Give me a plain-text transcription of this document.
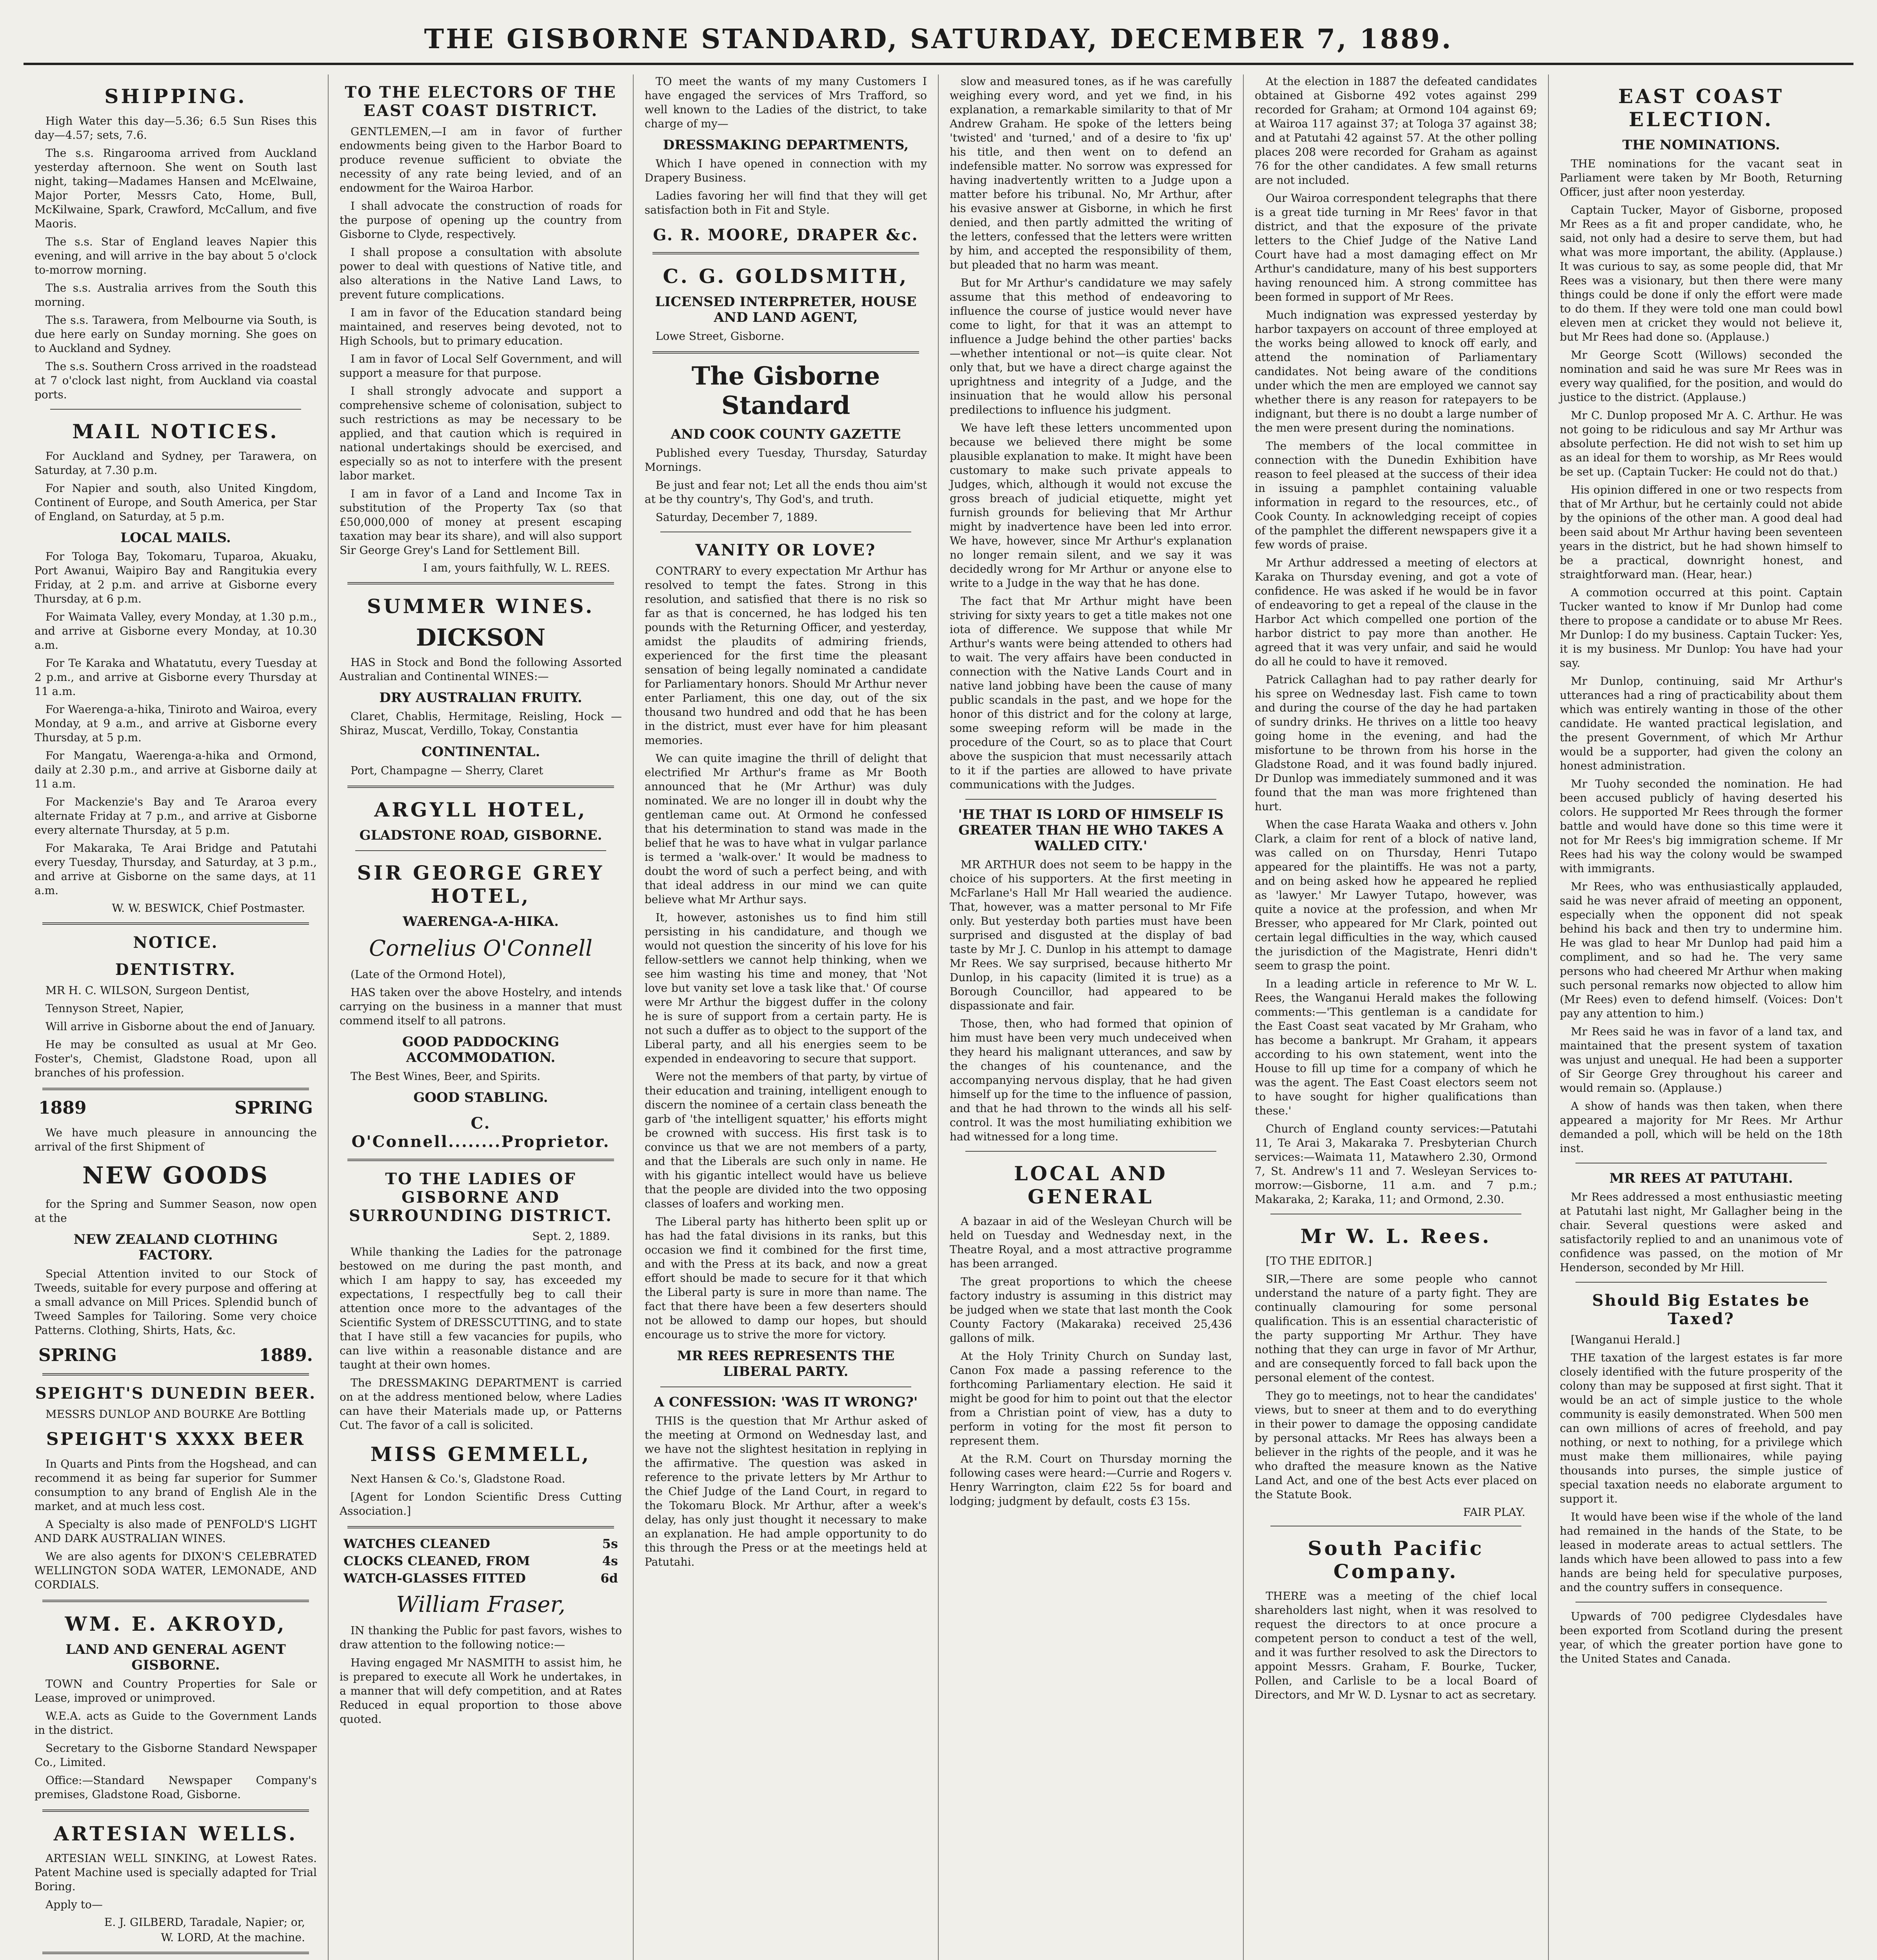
THE GISBORNE STANDARD, SATURDAY, DECEMBER 7, 1889.
SHIPPING.

High Water this day—5.36; 6.5 Sun Rises this day—4.57; sets, 7.6.

The s.s. Ringarooma arrived from Auckland yesterday afternoon. She went on South last night, taking—Madames Hansen and McElwaine, Major Porter, Messrs Cato, Home, Bull, McKilwaine, Spark, Crawford, McCallum, and five Maoris.

The s.s. Star of England leaves Napier this evening, and will arrive in the bay about 5 o'clock to-morrow morning.

The s.s. Australia arrives from the South this morning.

The s.s. Tarawera, from Melbourne via South, is due here early on Sunday morning. She goes on to Auckland and Sydney.

The s.s. Southern Cross arrived in the roadstead at 7 o'clock last night, from Auckland via coastal ports.

MAIL NOTICES.

For Auckland and Sydney, per Tarawera, on Saturday, at 7.30 p.m.

For Napier and south, also United Kingdom, Continent of Europe, and South America, per Star of England, on Saturday, at 5 p.m.

LOCAL MAILS.

For Tologa Bay, Tokomaru, Tuparoa, Akuaku, Port Awanui, Waipiro Bay and Rangitukia every Friday, at 2 p.m. and arrive at Gisborne every Thursday, at 6 p.m.

For Waimata Valley, every Monday, at 1.30 p.m., and arrive at Gisborne every Monday, at 10.30 a.m.

For Te Karaka and Whatatutu, every Tuesday at 2 p.m., and arrive at Gisborne every Thursday at 11 a.m.

For Waerenga-a-hika, Tiniroto and Wairoa, every Monday, at 9 a.m., and arrive at Gisborne every Thursday, at 5 p.m.

For Mangatu, Waerenga-a-hika and Ormond, daily at 2.30 p.m., and arrive at Gisborne daily at 11 a.m.

For Mackenzie's Bay and Te Araroa every alternate Friday at 7 p.m., and arrive at Gisborne every alternate Thursday, at 5 p.m.

For Makaraka, Te Arai Bridge and Patutahi every Tuesday, Thursday, and Saturday, at 3 p.m., and arrive at Gisborne on the same days, at 11 a.m.

W. W. BESWICK, Chief Postmaster.
NOTICE.
DENTISTRY.

MR H. C. WILSON, Surgeon Dentist,

Tennyson Street, Napier,

Will arrive in Gisborne about the end of January.

He may be consulted as usual at Mr Geo. Foster's, Chemist, Gladstone Road, upon all branches of his profession.

1889	SPRING

We have much pleasure in announcing the arrival of the first Shipment of

NEW GOODS

for the Spring and Summer Season, now open at the

NEW ZEALAND CLOTHING FACTORY.

Special Attention invited to our Stock of Tweeds, suitable for every purpose and offering at a small advance on Mill Prices. Splendid bunch of Tweed Samples for Tailoring. Some very choice Patterns. Clothing, Shirts, Hats, &c.

SPRING	1889.
SPEIGHT'S DUNEDIN BEER.

MESSRS DUNLOP AND BOURKE Are Bottling

SPEIGHT'S XXXX BEER

In Quarts and Pints from the Hogshead, and can recommend it as being far superior for Summer consumption to any brand of English Ale in the market, and at much less cost.

A Specialty is also made of PENFOLD'S LIGHT AND DARK AUSTRALIAN WINES.

We are also agents for DIXON'S CELEBRATED WELLINGTON SODA WATER, LEMONADE, AND CORDIALS.

WM. E. AKROYD,
LAND AND GENERAL AGENT GISBORNE.

TOWN and Country Properties for Sale or Lease, improved or unimproved.

W.E.A. acts as Guide to the Government Lands in the district.

Secretary to the Gisborne Standard Newspaper Co., Limited.

Office:—Standard Newspaper Company's premises, Gladstone Road, Gisborne.

ARTESIAN WELLS.

ARTESIAN WELL SINKING, at Lowest Rates. Patent Machine used is specially adapted for Trial Boring.

Apply to—

E. J. GILBERD, Taradale, Napier; or,
W. LORD, At the machine.

TO THE ELECTORS OF THE EAST COAST DISTRICT.

GENTLEMEN,—I am in favor of further endowments being given to the Harbor Board to produce revenue sufficient to obviate the necessity of any rate being levied, and of an endowment for the Wairoa Harbor.

I shall advocate the construction of roads for the purpose of opening up the country from Gisborne to Clyde, respectively.

I shall propose a consultation with absolute power to deal with questions of Native title, and also alterations in the Native Land Laws, to prevent future complications.

I am in favor of the Education standard being maintained, and reserves being devoted, not to High Schools, but to primary education.

I am in favor of Local Self Government, and will support a measure for that purpose.

I shall strongly advocate and support a comprehensive scheme of colonisation, subject to such restrictions as may be necessary to be applied, and that caution which is required in national undertakings should be exercised, and especially so as not to interfere with the present labor market.

I am in favor of a Land and Income Tax in substitution of the Property Tax (so that £50,000,000 of money at present escaping taxation may bear its share), and will also support Sir George Grey's Land for Settlement Bill.

I am, yours faithfully, W. L. REES.
SUMMER WINES.
DICKSON

HAS in Stock and Bond the following Assorted Australian and Continental WINES:—

DRY AUSTRALIAN FRUITY.

Claret, Chablis, Hermitage, Reisling, Hock — Shiraz, Muscat, Verdillo, Tokay, Constantia

CONTINENTAL.

Port, Champagne — Sherry, Claret

ARGYLL HOTEL,
GLADSTONE ROAD, GISBORNE.
SIR GEORGE GREY HOTEL,
WAERENGA-A-HIKA.
Cornelius O'Connell

(Late of the Ormond Hotel),

HAS taken over the above Hostelry, and intends carrying on the business in a manner that must commend itself to all patrons.

GOOD PADDOCKING ACCOMMODATION.

The Best Wines, Beer, and Spirits.

GOOD STABLING.
C. O'Connell........Proprietor.
TO THE LADIES OF GISBORNE AND SURROUNDING DISTRICT.
Sept. 2, 1889.

While thanking the Ladies for the patronage bestowed on me during the past month, and which I am happy to say, has exceeded my expectations, I respectfully beg to call their attention once more to the advantages of the Scientific System of DRESSCUTTING, and to state that I have still a few vacancies for pupils, who can live within a reasonable distance and are taught at their own homes.

The DRESSMAKING DEPARTMENT is carried on at the address mentioned below, where Ladies can have their Materials made up, or Patterns Cut. The favor of a call is solicited.

MISS GEMMELL,

Next Hansen & Co.'s, Gladstone Road.

[Agent for London Scientific Dress Cutting Association.]

WATCHES CLEANED	5s
CLOCKS CLEANED, FROM	4s
WATCH-GLASSES FITTED	6d
William Fraser,

IN thanking the Public for past favors, wishes to draw attention to the following notice:—

Having engaged Mr NASMITH to assist him, he is prepared to execute all Work he undertakes, in a manner that will defy competition, and at Rates Reduced in equal proportion to those above quoted.

TO meet the wants of my many Customers I have engaged the services of Mrs Trafford, so well known to the Ladies of the district, to take charge of my—

DRESSMAKING DEPARTMENTS,

Which I have opened in connection with my Drapery Business.

Ladies favoring her will find that they will get satisfaction both in Fit and Style.

G. R. MOORE, DRAPER &c.
C. G. GOLDSMITH,
LICENSED INTERPRETER, HOUSE AND LAND AGENT,

Lowe Street, Gisborne.

The Gisborne Standard
AND COOK COUNTY GAZETTE

Published every Tuesday, Thursday, Saturday Mornings.

Be just and fear not; Let all the ends thou aim'st at be thy country's, Thy God's, and truth.

Saturday, December 7, 1889.

VANITY OR LOVE?

CONTRARY to every expectation Mr Arthur has resolved to tempt the fates. Strong in this resolution, and satisfied that there is no risk so far as that is concerned, he has lodged his ten pounds with the Returning Officer, and yesterday, amidst the plaudits of admiring friends, experienced for the first time the pleasant sensation of being legally nominated a candidate for Parliamentary honors. Should Mr Arthur never enter Parliament, this one day, out of the six thousand two hundred and odd that he has been in the district, must ever have for him pleasant memories.

We can quite imagine the thrill of delight that electrified Mr Arthur's frame as Mr Booth announced that he (Mr Arthur) was duly nominated. We are no longer ill in doubt why the gentleman came out. At Ormond he confessed that his determination to stand was made in the belief that he was to have what in vulgar parlance is termed a 'walk-over.' It would be madness to doubt the word of such a perfect being, and with that ideal address in our mind we can quite believe what Mr Arthur says.

It, however, astonishes us to find him still persisting in his candidature, and though we would not question the sincerity of his love for his fellow-settlers we cannot help thinking, when we see him wasting his time and money, that 'Not love but vanity set love a task like that.' Of course were Mr Arthur the biggest duffer in the colony he is sure of support from a certain party. He is not such a duffer as to object to the support of the Liberal party, and all his energies seem to be expended in endeavoring to secure that support.

Were not the members of that party, by virtue of their education and training, intelligent enough to discern the nominee of a certain class beneath the garb of 'the intelligent squatter,' his efforts might be crowned with success. His first task is to convince us that we are not members of a party, and that the Liberals are such only in name. He with his gigantic intellect would have us believe that the people are divided into the two opposing classes of loafers and working men.

The Liberal party has hitherto been split up or has had the fatal divisions in its ranks, but this occasion we find it combined for the first time, and with the Press at its back, and now a great effort should be made to secure for it that which the Liberal party is sure in more than name. The fact that there have been a few deserters should not be allowed to damp our hopes, but should encourage us to strive the more for victory.

MR REES REPRESENTS THE LIBERAL PARTY.
A CONFESSION: 'WAS IT WRONG?'

THIS is the question that Mr Arthur asked of the meeting at Ormond on Wednesday last, and we have not the slightest hesitation in replying in the affirmative. The question was asked in reference to the private letters by Mr Arthur to the Chief Judge of the Land Court, in regard to the Tokomaru Block. Mr Arthur, after a week's delay, has only just thought it necessary to make an explanation. He had ample opportunity to do this through the Press or at the meetings held at Patutahi.

slow and measured tones, as if he was carefully weighing every word, and yet we find, in his explanation, a remarkable similarity to that of Mr Andrew Graham. He spoke of the letters being 'twisted' and 'turned,' and of a desire to 'fix up' his title, and then went on to defend an indefensible matter. No sorrow was expressed for having inadvertently written to a Judge upon a matter before his tribunal. No, Mr Arthur, after his evasive answer at Gisborne, in which he first denied, and then partly admitted the writing of the letters, confessed that the letters were written by him, and accepted the responsibility of them, but pleaded that no harm was meant.

But for Mr Arthur's candidature we may safely assume that this method of endeavoring to influence the course of justice would never have come to light, for that it was an attempt to influence a Judge behind the other parties' backs—whether intentional or not—is quite clear. Not only that, but we have a direct charge against the uprightness and integrity of a Judge, and the insinuation that he would allow his personal predilections to influence his judgment.

We have left these letters uncommented upon because we believed there might be some plausible explanation to make. It might have been customary to make such private appeals to Judges, which, although it would not excuse the gross breach of judicial etiquette, might yet furnish grounds for believing that Mr Arthur might by inadvertence have been led into error. We have, however, since Mr Arthur's explanation no longer remain silent, and we say it was decidedly wrong for Mr Arthur or anyone else to write to a Judge in the way that he has done.

The fact that Mr Arthur might have been striving for sixty years to get a title makes not one iota of difference. We suppose that while Mr Arthur's wants were being attended to others had to wait. The very affairs have been conducted in connection with the Native Lands Court and in native land jobbing have been the cause of many public scandals in the past, and we hope for the honor of this district and for the colony at large, some sweeping reform will be made in the procedure of the Court, so as to place that Court above the suspicion that must necessarily attach to it if the parties are allowed to have private communications with the Judges.

'HE THAT IS LORD OF HIMSELF IS GREATER THAN HE WHO TAKES A WALLED CITY.'

MR ARTHUR does not seem to be happy in the choice of his supporters. At the first meeting in McFarlane's Hall Mr Hall wearied the audience. That, however, was a matter personal to Mr Fife only. But yesterday both parties must have been surprised and disgusted at the display of bad taste by Mr J. C. Dunlop in his attempt to damage Mr Rees. We say surprised, because hitherto Mr Dunlop, in his capacity (limited it is true) as a Borough Councillor, had appeared to be dispassionate and fair.

Those, then, who had formed that opinion of him must have been very much undeceived when they heard his malignant utterances, and saw by the changes of his countenance, and the accompanying nervous display, that he had given himself up for the time to the influence of passion, and that he had thrown to the winds all his self-control. It was the most humiliating exhibition we had witnessed for a long time.

LOCAL AND GENERAL

A bazaar in aid of the Wesleyan Church will be held on Tuesday and Wednesday next, in the Theatre Royal, and a most attractive programme has been arranged.

The great proportions to which the cheese factory industry is assuming in this district may be judged when we state that last month the Cook County Factory (Makaraka) received 25,436 gallons of milk.

At the Holy Trinity Church on Sunday last, Canon Fox made a passing reference to the forthcoming Parliamentary election. He said it might be good for him to point out that the elector from a Christian point of view, has a duty to perform in voting for the most fit person to represent them.

At the R.M. Court on Thursday morning the following cases were heard:—Currie and Rogers v. Henry Warrington, claim £22 5s for board and lodging; judgment by default, costs £3 15s.

At the election in 1887 the defeated candidates obtained at Gisborne 492 votes against 299 recorded for Graham; at Ormond 104 against 69; at Wairoa 117 against 37; at Tologa 37 against 38; and at Patutahi 42 against 57. At the other polling places 208 were recorded for Graham as against 76 for the other candidates. A few small returns are not included.

Our Wairoa correspondent telegraphs that there is a great tide turning in Mr Rees' favor in that district, and that the exposure of the private letters to the Chief Judge of the Native Land Court have had a most damaging effect on Mr Arthur's candidature, many of his best supporters having renounced him. A strong committee has been formed in support of Mr Rees.

Much indignation was expressed yesterday by harbor taxpayers on account of three employed at the works being allowed to knock off early, and attend the nomination of Parliamentary candidates. Not being aware of the conditions under which the men are employed we cannot say whether there is any reason for ratepayers to be indignant, but there is no doubt a large number of the men were present during the nominations.

The members of the local committee in connection with the Dunedin Exhibition have reason to feel pleased at the success of their idea in issuing a pamphlet containing valuable information in regard to the resources, etc., of Cook County. In acknowledging receipt of copies of the pamphlet the different newspapers give it a few words of praise.

Mr Arthur addressed a meeting of electors at Karaka on Thursday evening, and got a vote of confidence. He was asked if he would be in favor of endeavoring to get a repeal of the clause in the Harbor Act which compelled one portion of the harbor district to pay more than another. He agreed that it was very unfair, and said he would do all he could to have it removed.

Patrick Callaghan had to pay rather dearly for his spree on Wednesday last. Fish came to town and during the course of the day he had partaken of sundry drinks. He thrives on a little too heavy going home in the evening, and had the misfortune to be thrown from his horse in the Gladstone Road, and it was found badly injured. Dr Dunlop was immediately summoned and it was found that the man was more frightened than hurt.

When the case Harata Waaka and others v. John Clark, a claim for rent of a block of native land, was called on on Thursday, Henri Tutapo appeared for the plaintiffs. He was not a party, and on being asked how he appeared he replied as 'lawyer.' Mr Lawyer Tutapo, however, was quite a novice at the profession, and when Mr Bresser, who appeared for Mr Clark, pointed out certain legal difficulties in the way, which caused the jurisdiction of the Magistrate, Henri didn't seem to grasp the point.

In a leading article in reference to Mr W. L. Rees, the Wanganui Herald makes the following comments:—'This gentleman is a candidate for the East Coast seat vacated by Mr Graham, who has become a bankrupt. Mr Graham, it appears according to his own statement, went into the House to fill up time for a company of which he was the agent. The East Coast electors seem not to have sought for higher qualifications than these.'

Church of England county services:—Patutahi 11, Te Arai 3, Makaraka 7. Presbyterian Church services:—Waimata 11, Matawhero 2.30, Ormond 7, St. Andrew's 11 and 7. Wesleyan Services to-morrow:—Gisborne, 11 a.m. and 7 p.m.; Makaraka, 2; Karaka, 11; and Ormond, 2.30.

Mr W. L. Rees.

[TO THE EDITOR.]

SIR,—There are some people who cannot understand the nature of a party fight. They are continually clamouring for some personal qualification. This is an essential characteristic of the party supporting Mr Arthur. They have nothing that they can urge in favor of Mr Arthur, and are consequently forced to fall back upon the personal element of the contest.

They go to meetings, not to hear the candidates' views, but to sneer at them and to do everything in their power to damage the opposing candidate by personal attacks. Mr Rees has always been a believer in the rights of the people, and it was he who drafted the measure known as the Native Land Act, and one of the best Acts ever placed on the Statute Book.

FAIR PLAY.
South Pacific Company.

THERE was a meeting of the chief local shareholders last night, when it was resolved to request the directors to at once procure a competent person to conduct a test of the well, and it was further resolved to ask the Directors to appoint Messrs. Graham, F. Bourke, Tucker, Pollen, and Carlisle to be a local Board of Directors, and Mr W. D. Lysnar to act as secretary.

EAST COAST ELECTION.
THE NOMINATIONS.

THE nominations for the vacant seat in Parliament were taken by Mr Booth, Returning Officer, just after noon yesterday.

Captain Tucker, Mayor of Gisborne, proposed Mr Rees as a fit and proper candidate, who, he said, not only had a desire to serve them, but had what was more important, the ability. (Applause.) It was curious to say, as some people did, that Mr Rees was a visionary, but then there were many things could be done if only the effort were made to do them. If they were told one man could bowl eleven men at cricket they would not believe it, but Mr Rees had done so. (Applause.)

Mr George Scott (Willows) seconded the nomination and said he was sure Mr Rees was in every way qualified, for the position, and would do justice to the district. (Applause.)

Mr C. Dunlop proposed Mr A. C. Arthur. He was not going to be ridiculous and say Mr Arthur was absolute perfection. He did not wish to set him up as an ideal for them to worship, as Mr Rees would be set up. (Captain Tucker: He could not do that.)

His opinion differed in one or two respects from that of Mr Arthur, but he certainly could not abide by the opinions of the other man. A good deal had been said about Mr Arthur having been seventeen years in the district, but he had shown himself to be a practical, downright honest, and straightforward man. (Hear, hear.)

A commotion occurred at this point. Captain Tucker wanted to know if Mr Dunlop had come there to propose a candidate or to abuse Mr Rees. Mr Dunlop: I do my business. Captain Tucker: Yes, it is my business. Mr Dunlop: You have had your say.

Mr Dunlop, continuing, said Mr Arthur's utterances had a ring of practicability about them which was entirely wanting in those of the other candidate. He wanted practical legislation, and the present Government, of which Mr Arthur would be a supporter, had given the colony an honest administration.

Mr Tuohy seconded the nomination. He had been accused publicly of having deserted his colors. He supported Mr Rees through the former battle and would have done so this time were it not for Mr Rees's big immigration scheme. If Mr Rees had his way the colony would be swamped with immigrants.

Mr Rees, who was enthusiastically applauded, said he was never afraid of meeting an opponent, especially when the opponent did not speak behind his back and then try to undermine him. He was glad to hear Mr Dunlop had paid him a compliment, and so had he. The very same persons who had cheered Mr Arthur when making such personal remarks now objected to allow him (Mr Rees) even to defend himself. (Voices: Don't pay any attention to him.)

Mr Rees said he was in favor of a land tax, and maintained that the present system of taxation was unjust and unequal. He had been a supporter of Sir George Grey throughout his career and would remain so. (Applause.)

A show of hands was then taken, when there appeared a majority for Mr Rees. Mr Arthur demanded a poll, which will be held on the 18th inst.

MR REES AT PATUTAHI.

Mr Rees addressed a most enthusiastic meeting at Patutahi last night, Mr Gallagher being in the chair. Several questions were asked and satisfactorily replied to and an unanimous vote of confidence was passed, on the motion of Mr Henderson, seconded by Mr Hill.

Should Big Estates be Taxed?

[Wanganui Herald.]

THE taxation of the largest estates is far more closely identified with the future prosperity of the colony than may be supposed at first sight. That it would be an act of simple justice to the whole community is easily demonstrated. When 500 men can own millions of acres of freehold, and pay nothing, or next to nothing, for a privilege which must make them millionaires, while paying thousands into purses, the simple justice of special taxation needs no elaborate argument to support it.

It would have been wise if the whole of the land had remained in the hands of the State, to be leased in moderate areas to actual settlers. The lands which have been allowed to pass into a few hands are being held for speculative purposes, and the country suffers in consequence.

Upwards of 700 pedigree Clydesdales have been exported from Scotland during the present year, of which the greater portion have gone to the United States and Canada.
